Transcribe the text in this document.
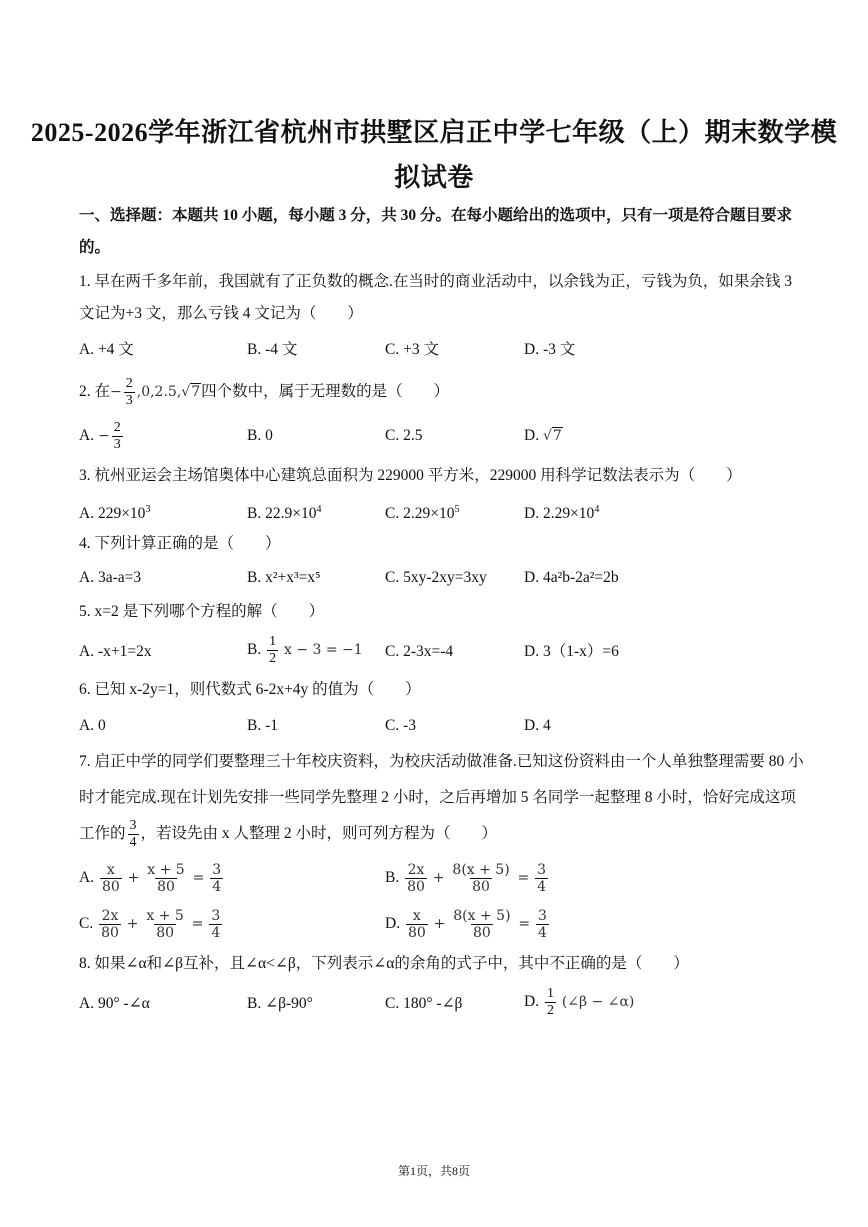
2025-2026学年浙江省杭州市拱墅区启正中学七年级（上）期末数学模
拟试卷
一、选择题：本题共 10 小题，每小题 3 分，共 30 分。在每小题给出的选项中，只有一项是符合题目要求
的。
1. 早在两千多年前，我国就有了正负数的概念.在当时的商业活动中，以余钱为正，亏钱为负，如果余钱 3
文记为+3 文，那么亏钱 4 文记为（　　）
A. +4 文	B. -4 文	C. +3 文	D. -3 文
2. 在− $\frac{2}{3} ,0,2.5,√7$四个数中，属于无理数的是（　　）
A. − $\frac{2}{3}$	B. 0	C. 2.5	D. √7
3. 杭州亚运会主场馆奥体中心建筑总面积为 229000 平方米，229000 用科学记数法表示为（　　）
A. $229\times 10^3$	B. $22.9\times 10^4$	C. $2.29\times 10^5$	D. $2.29\times 10^4$
4. 下列计算正确的是（　　）
A. 3a-a=3	B. x²+x³=x⁵	C. 5xy-2xy=3xy D. 4a²b-2a²=2b
5. x=2 是下列哪个方程的解（　　）
A. -x+1=2x	B. $\frac{1}{2}$ x − 3 = −1 C. 2-3x=-4	D. 3（1-x）=6
6. 已知 x-2y=1，则代数式 6-2x+4y 的值为（　　）
A. 0	B. -1	C. -3	D. 4
7. 启正中学的同学们要整理三十年校庆资料，为校庆活动做准备.已知这份资料由一个人单独整理需要 80 小
时才能完成.现在计划先安排一些同学先整理 2 小时，之后再增加 5 名同学一起整理 8 小时，恰好完成这项
工作的 $\frac{3}{4}$ ，若设先由 x 人整理 2 小时，则可列方程为（　　）
A. $\frac{x}{80} + \frac{x + 5}{80} = \frac{3}{4}$	B. $\frac{2x}{80} + \frac{8(x + 5)}{80} = \frac{3}{4}$
C. $\frac{2x}{80} + \frac{x + 5}{80} = \frac{3}{4}$	D. $\frac{x}{80} + \frac{8(x + 5)}{80} = \frac{3}{4}$
8. 如果∠α和∠β互补，且∠α<∠β，下列表示∠α的余角的式子中，其中不正确的是（　　）
A. 90° -∠α	B. ∠β-90°	C. 180° -∠β	D. $\frac{1}{2}$ (∠β − ∠α)
第1页，共8页
